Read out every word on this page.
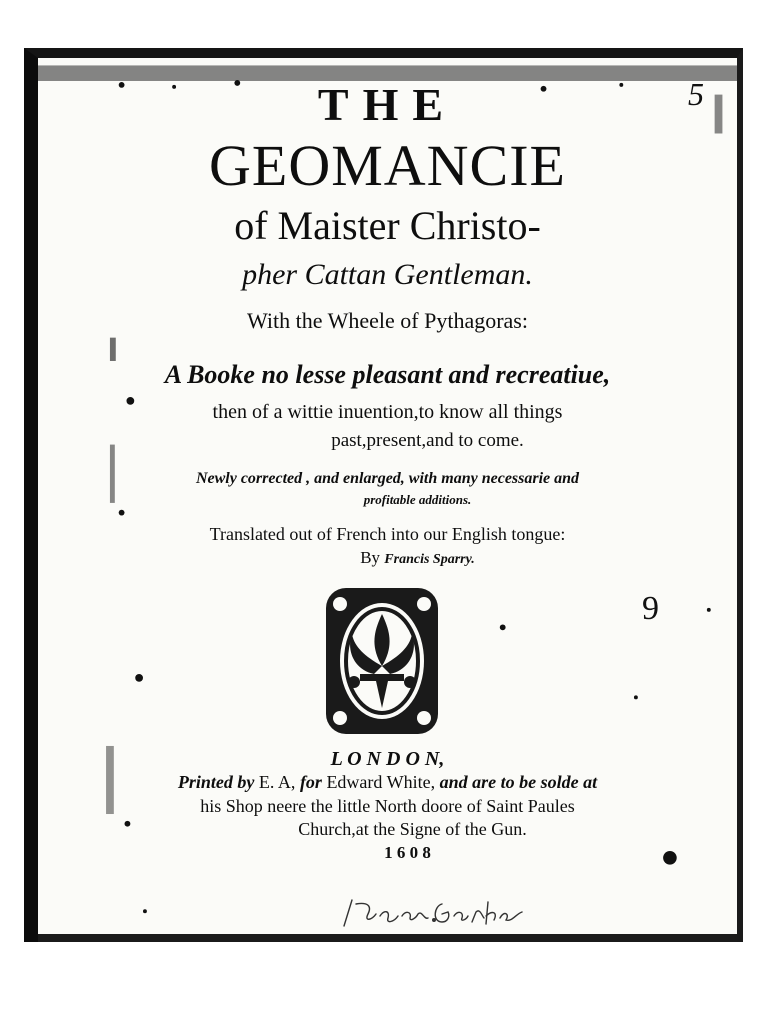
5
THE
GEOMANCIE
of Maister Christo-
pher Cattan Gentleman.
With the Wheele of Pythagoras:
A Booke no lesse pleasant and recreatiue,
then of a wittie inuention,to know all things
past,present,and to come.
Newly corrected , and enlarged, with many necessarie and
profitable additions.
Translated out of French into our English tongue:
By Francis Sparry.
9
L O N D O N,
Printed by E. A, for Edward White, and are to be solde at
his Shop neere the little North doore of Saint Paules
Church,at the Signe of the Gun.
1 6 0 8
